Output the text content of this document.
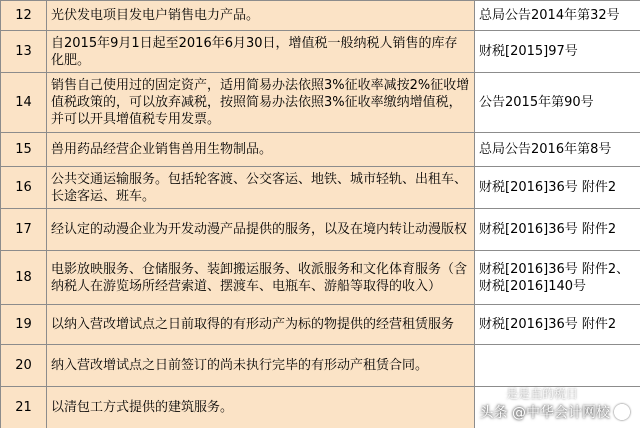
12	光伏发电项目发电户销售电力产品。	总局公告2014年第32号
13	自2015年9月1日起至2016年6月30日，增值税一般纳税人销售的库存化肥。	财税[2015]97号
14	销售自己使用过的固定资产，适用简易办法依照3%征收率减按2%征收增值税政策的，可以放弃减税，按照简易办法依照3%征收率缴纳增值税，并可以开具增值税专用发票。	公告2015年第90号
15	兽用药品经营企业销售兽用生物制品。	总局公告2016年第8号
16	公共交通运输服务。包括轮客渡、公交客运、地铁、城市轻轨、出租车、长途客运、班车。	财税[2016]36号 附件2
17	经认定的动漫企业为开发动漫产品提供的服务，以及在境内转让动漫版权	财税[2016]36号 附件2
18	电影放映服务、仓储服务、装卸搬运服务、收派服务和文化体育服务（含纳税人在游览场所经营索道、摆渡车、电瓶车、游船等取得的收入）	财税[2016]36号 附件2、
财税[2016]140号

19	以纳入营改增试点之日前取得的有形动产为标的物提供的经营租赁服务	财税[2016]36号 附件2
20	纳入营改增试点之日前签订的尚未执行完毕的有形动产租赁合同。	
21	以清包工方式提供的建筑服务。	
是是直的税日
头条 @中华会计网校
